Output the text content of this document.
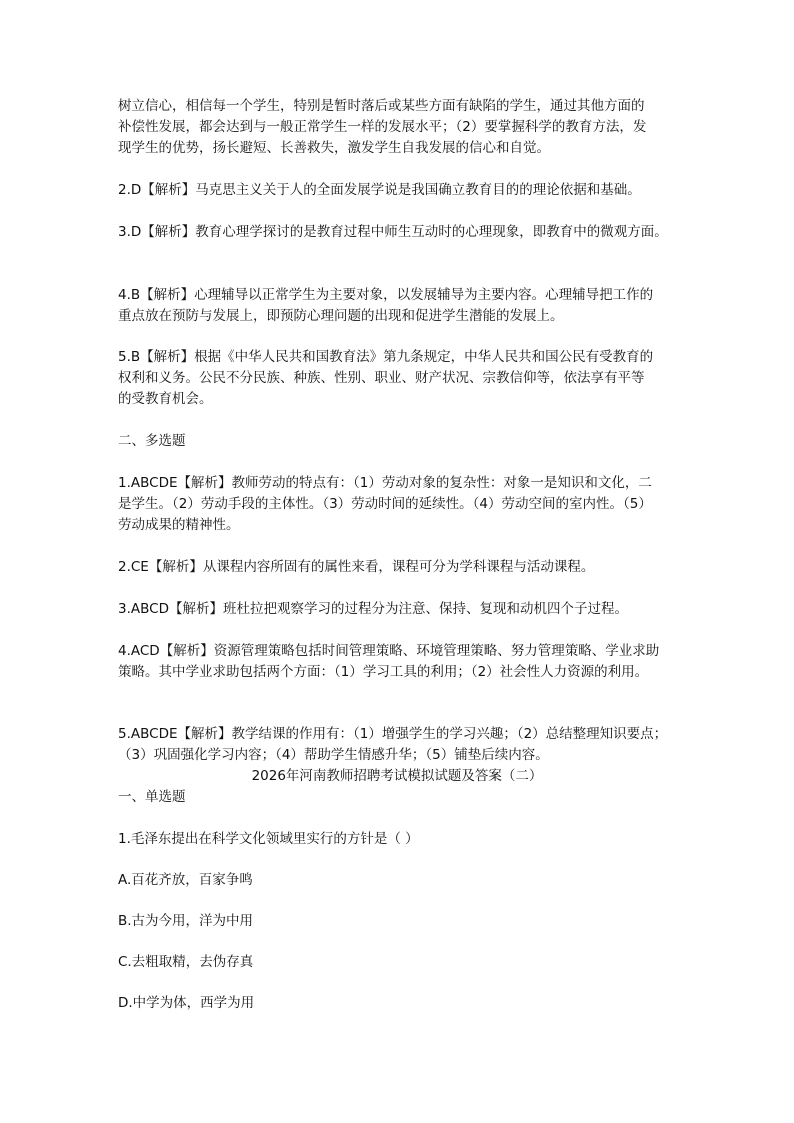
树立信心，相信每一个学生，特别是暂时落后或某些方面有缺陷的学生，通过其他方面的
补偿性发展，都会达到与一般正常学生一样的发展水平；（2）要掌握科学的教育方法，发
现学生的优势，扬长避短、长善救失，激发学生自我发展的信心和自觉。
2.D【解析】马克思主义关于人的全面发展学说是我国确立教育目的的理论依据和基础。
3.D【解析】教育心理学探讨的是教育过程中师生互动时的心理现象，即教育中的微观方面。
4.B【解析】心理辅导以正常学生为主要对象，以发展辅导为主要内容。心理辅导把工作的
重点放在预防与发展上，即预防心理问题的出现和促进学生潜能的发展上。
5.B【解析】根据《中华人民共和国教育法》第九条规定，中华人民共和国公民有受教育的
权利和义务。公民不分民族、种族、性别、职业、财产状况、宗教信仰等，依法享有平等
的受教育机会。
二、多选题
1.ABCDE【解析】教师劳动的特点有：（1）劳动对象的复杂性：对象一是知识和文化，二
是学生。（2）劳动手段的主体性。（3）劳动时间的延续性。（4）劳动空间的室内性。（5）
劳动成果的精神性。
2.CE【解析】从课程内容所固有的属性来看，课程可分为学科课程与活动课程。
3.ABCD【解析】班杜拉把观察学习的过程分为注意、保持、复现和动机四个子过程。
4.ACD【解析】资源管理策略包括时间管理策略、环境管理策略、努力管理策略、学业求助
策略。其中学业求助包括两个方面：（1）学习工具的利用；（2）社会性人力资源的利用。
5.ABCDE【解析】教学结课的作用有：（1）增强学生的学习兴趣；（2）总结整理知识要点；
（3）巩固强化学习内容；（4）帮助学生情感升华；（5）铺垫后续内容。
2026年河南教师招聘考试模拟试题及答案（二）
一、单选题
1.毛泽东提出在科学文化领域里实行的方针是（ ）
A.百花齐放，百家争鸣
B.古为今用，洋为中用
C.去粗取精，去伪存真
D.中学为体，西学为用
